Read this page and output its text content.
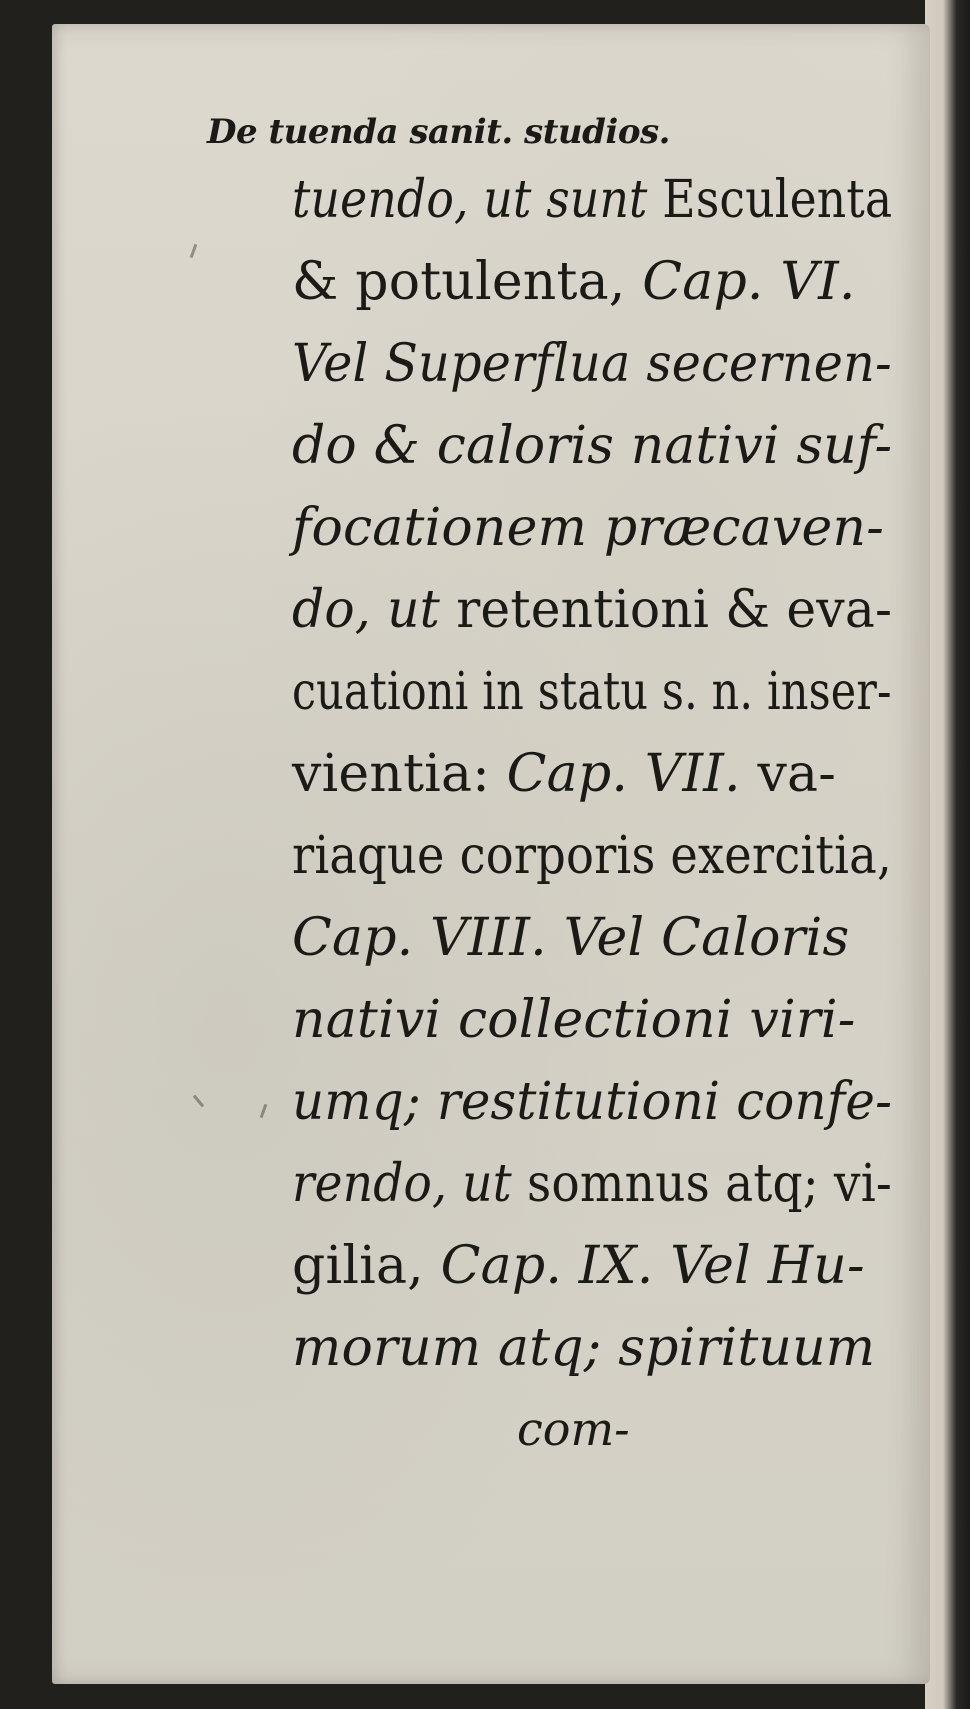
De tuenda sanit. studios.
tuendo, ut sunt Esculenta
& potulenta, Cap. VI.
Vel Superflua secernen-
do & caloris nativi suf-
focationem præcaven-
do, ut retentioni & eva-
cuationi in statu s. n. inser-
vientia: Cap. VII. va-
riaque corporis exercitia,
Cap. VIII. Vel Caloris
nativi collectioni viri-
umq; restitutioni confe-
rendo, ut somnus atq; vi-
gilia, Cap. IX. Vel Hu-
morum atq; spirituum
com-
